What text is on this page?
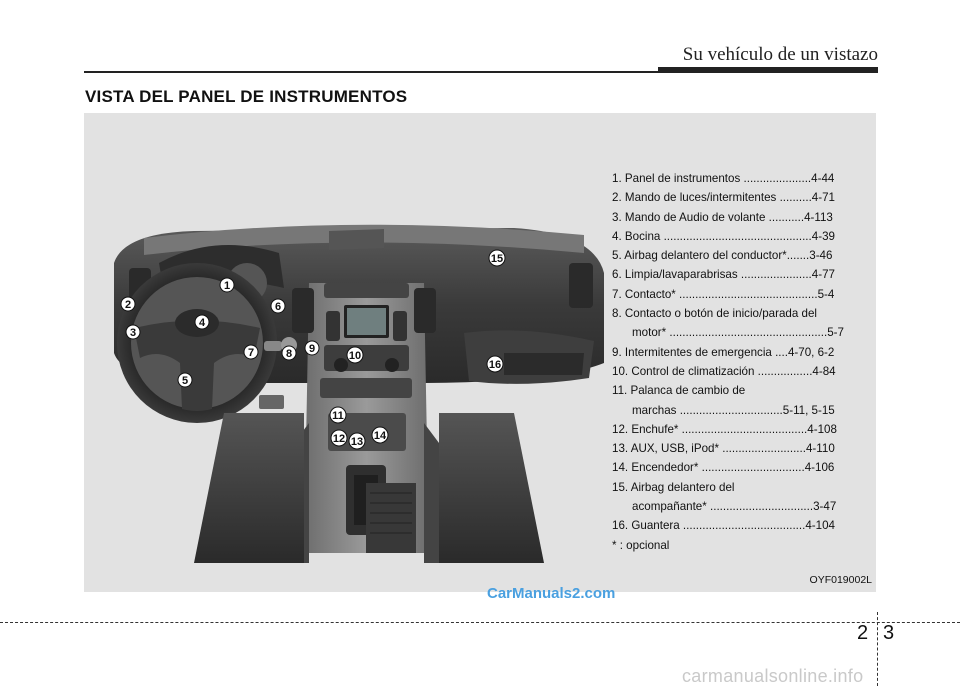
Su vehículo de un vistazo
VISTA DEL PANEL DE INSTRUMENTOS
1
2
3
4
5
6
7	8 9
10
11
12 13 14
15
16
1. Panel de instrumentos .....................4-44
2. Mando de luces/intermitentes ..........4-71
3. Mando de Audio de volante ...........4-113
4. Bocina ..............................................4-39
5. Airbag delantero del conductor*.......3-46
6. Limpia/lavaparabrisas ......................4-77
7. Contacto* ...........................................5-4
8. Contacto o botón de inicio/parada del
motor* .................................................5-7
9. Intermitentes de emergencia ....4-70, 6-2
10. Control de climatización .................4-84
11. Palanca de cambio de
marchas ................................5-11, 5-15
12. Enchufe* .......................................4-108
13. AUX, USB, iPod* ..........................4-110
14. Encendedor* ................................4-106
15. Airbag delantero del
acompañante* ................................3-47
16. Guantera ......................................4-104
* : opcional
OYF019002L
CarManuals2.com
2 3
carmanualsonline.info
